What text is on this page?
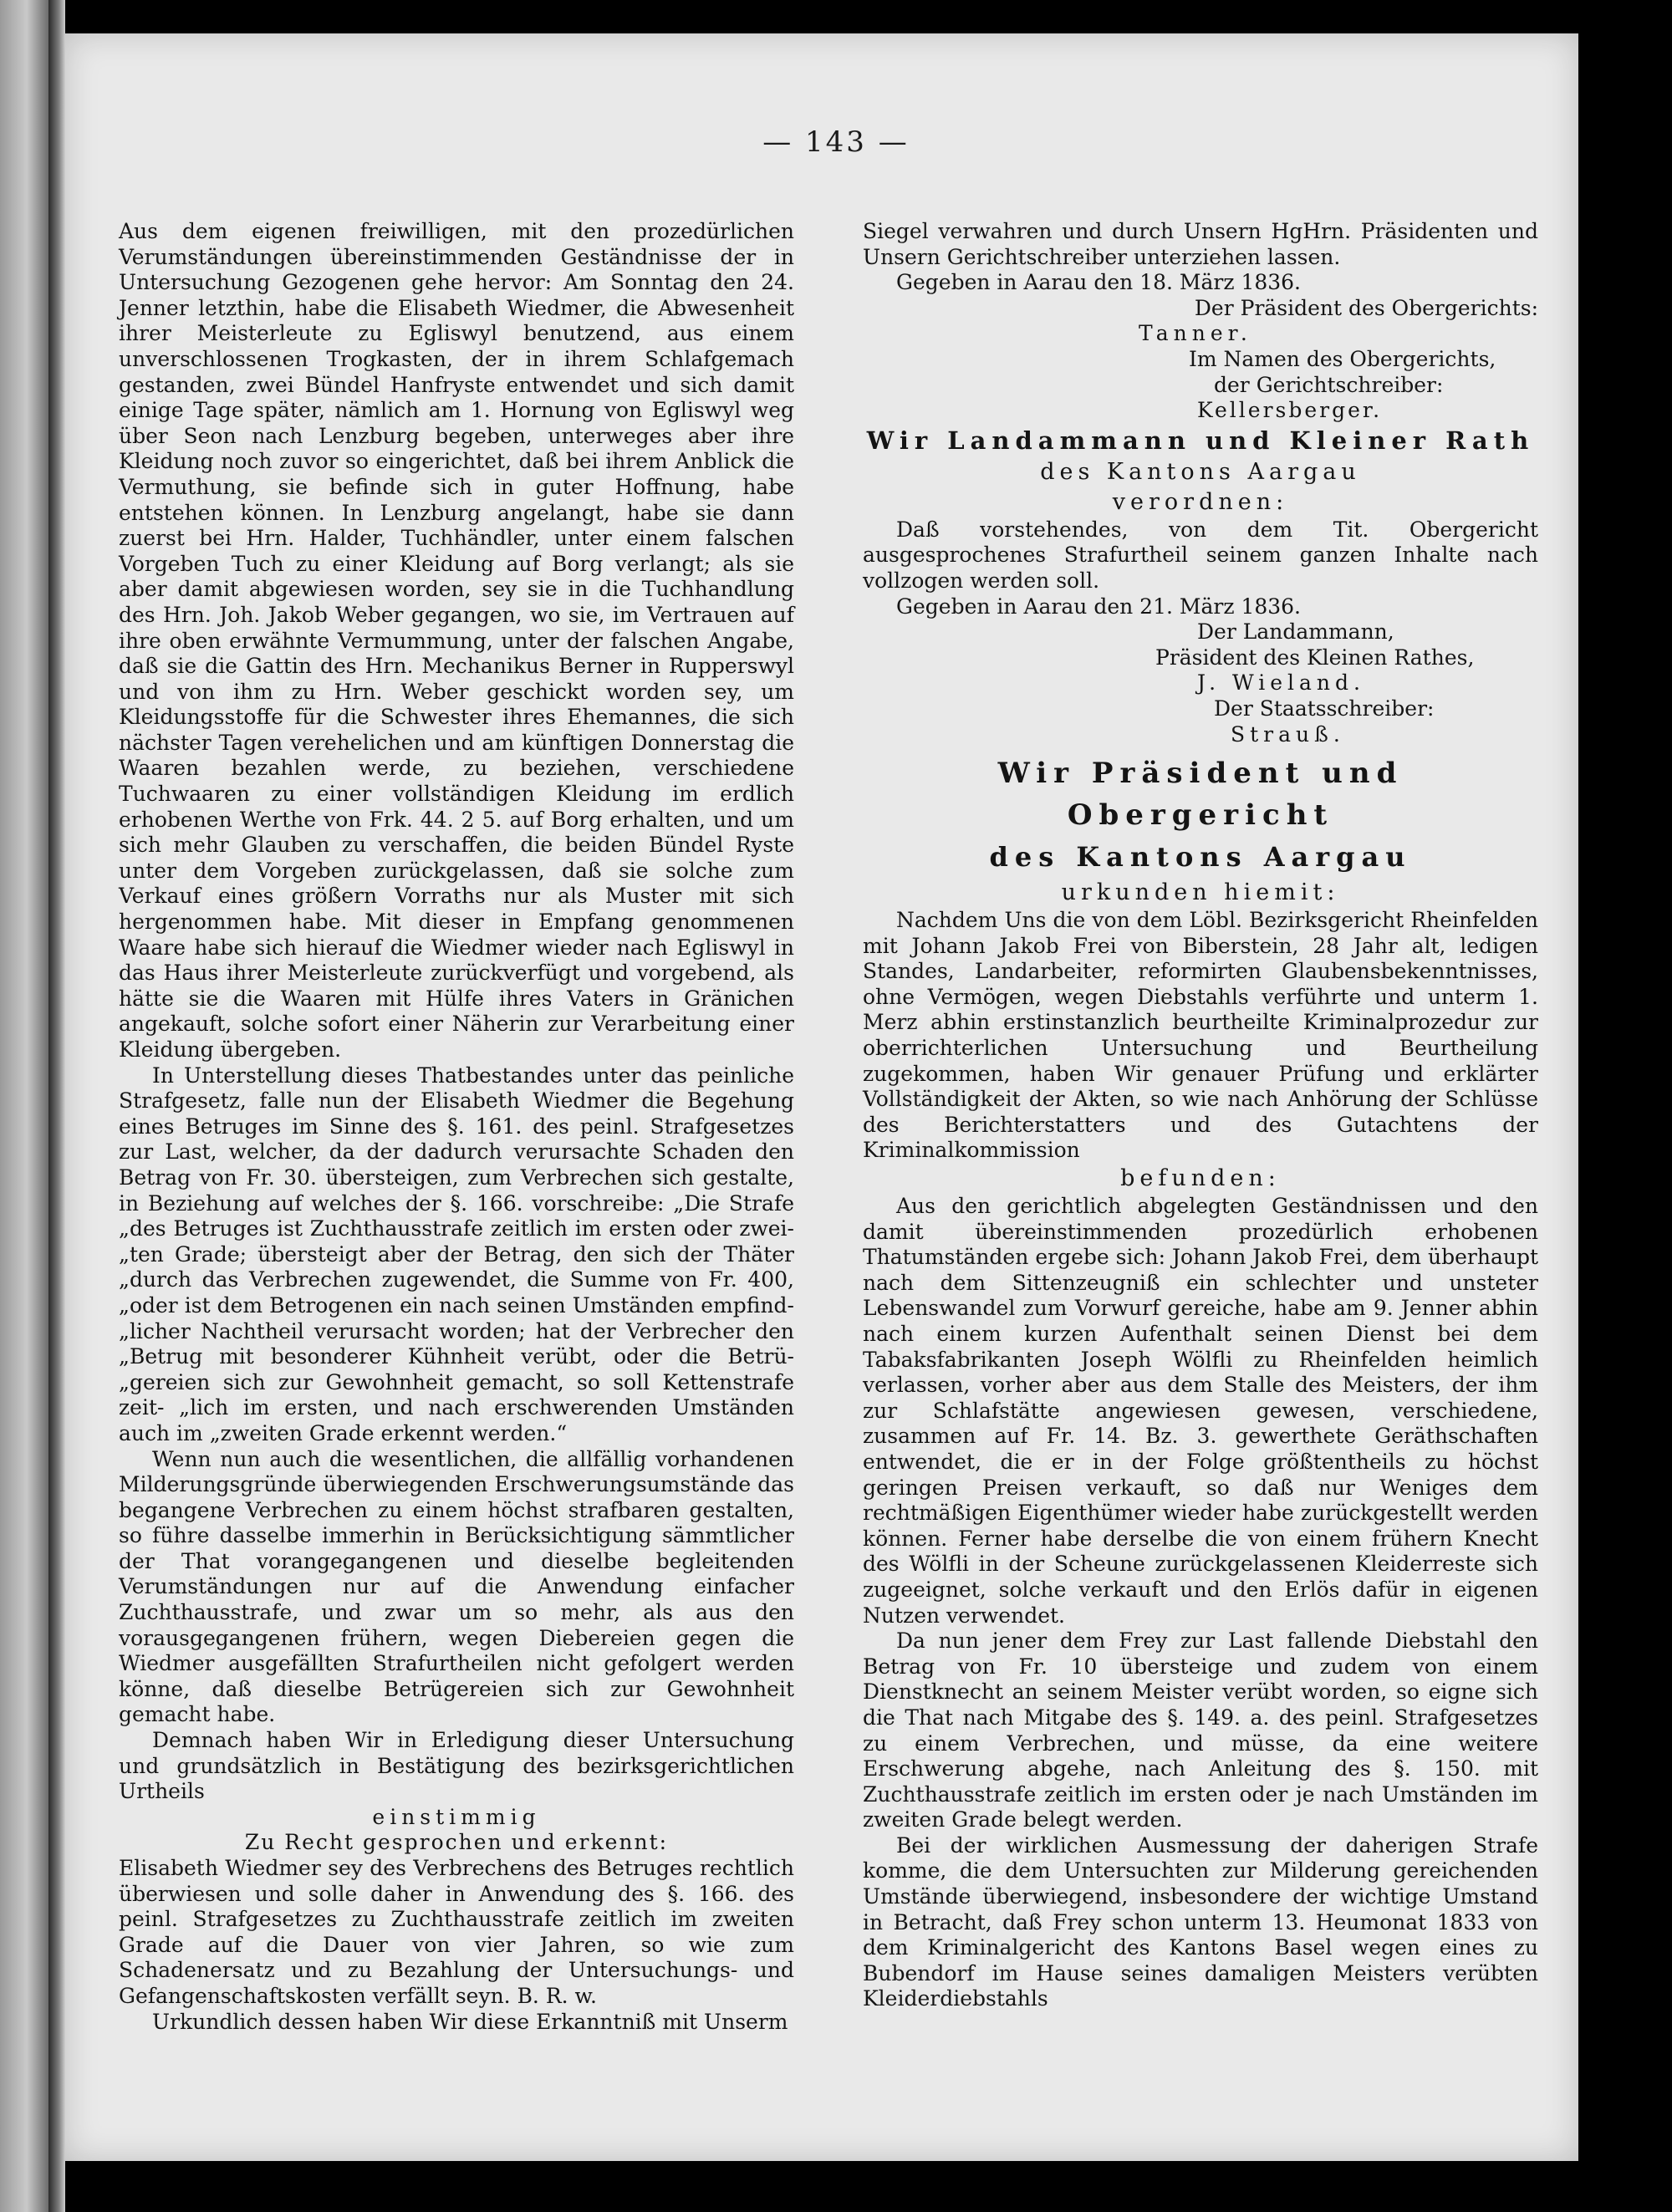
— 143 —

Aus dem eigenen freiwilligen, mit den prozedürlichen Verumständungen übereinstimmenden Geständnisse der in Untersuchung Gezogenen gehe hervor: Am Sonntag den 24. Jenner letzthin, habe die Elisabeth Wiedmer, die Abwesenheit ihrer Meisterleute zu Egliswyl benutzend, aus einem unverschlossenen Trogkasten, der in ihrem Schlafgemach gestanden, zwei Bündel Hanfryste entwendet und sich damit einige Tage später, nämlich am 1. Hornung von Egliswyl weg über Seon nach Lenzburg begeben, unterweges aber ihre Kleidung noch zuvor so eingerichtet, daß bei ihrem Anblick die Vermuthung, sie befinde sich in guter Hoffnung, habe entstehen können. In Lenzburg angelangt, habe sie dann zuerst bei Hrn. Halder, Tuchhändler, unter einem falschen Vorgeben Tuch zu einer Kleidung auf Borg verlangt; als sie aber damit abgewiesen worden, sey sie in die Tuchhandlung des Hrn. Joh. Jakob Weber gegangen, wo sie, im Vertrauen auf ihre oben erwähnte Vermummung, unter der falschen Angabe, daß sie die Gattin des Hrn. Mechanikus Berner in Rupperswyl und von ihm zu Hrn. Weber geschickt worden sey, um Kleidungsstoffe für die Schwester ihres Ehemannes, die sich nächster Tagen verehelichen und am künftigen Donnerstag die Waaren bezahlen werde, zu beziehen, verschiedene Tuchwaaren zu einer vollständigen Kleidung im erdlich erhobenen Werthe von Frk. 44. 2 5. auf Borg erhalten, und um sich mehr Glauben zu verschaffen, die beiden Bündel Ryste unter dem Vorgeben zurückgelassen, daß sie solche zum Verkauf eines größern Vorraths nur als Muster mit sich hergenommen habe. Mit dieser in Empfang genommenen Waare habe sich hierauf die Wiedmer wieder nach Egliswyl in das Haus ihrer Meisterleute zurückverfügt und vorgebend, als hätte sie die Waaren mit Hülfe ihres Vaters in Gränichen angekauft, solche sofort einer Näherin zur Verarbeitung einer Kleidung übergeben.

In Unterstellung dieses Thatbestandes unter das peinliche Strafgesetz, falle nun der Elisabeth Wiedmer die Begehung eines Betruges im Sinne des §. 161. des peinl. Strafgesetzes zur Last, welcher, da der dadurch verursachte Schaden den Betrag von Fr. 30. übersteigen, zum Verbrechen sich gestalte, in Beziehung auf welches der §. 166. vorschreibe: „Die Strafe „des Betruges ist Zuchthausstrafe zeitlich im ersten oder zwei- „ten Grade; übersteigt aber der Betrag, den sich der Thäter „durch das Verbrechen zugewendet, die Summe von Fr. 400, „oder ist dem Betrogenen ein nach seinen Umständen empfind- „licher Nachtheil verursacht worden; hat der Verbrecher den „Betrug mit besonderer Kühnheit verübt, oder die Betrü- „gereien sich zur Gewohnheit gemacht, so soll Kettenstrafe zeit- „lich im ersten, und nach erschwerenden Umständen auch im „zweiten Grade erkennt werden.“

Wenn nun auch die wesentlichen, die allfällig vorhandenen Milderungsgründe überwiegenden Erschwerungsumstände das begangene Verbrechen zu einem höchst strafbaren gestalten, so führe dasselbe immerhin in Berücksichtigung sämmtlicher der That vorangegangenen und dieselbe begleitenden Verumständungen nur auf die Anwendung einfacher Zuchthausstrafe, und zwar um so mehr, als aus den vorausgegangenen frühern, wegen Diebereien gegen die Wiedmer ausgefällten Strafurtheilen nicht gefolgert werden könne, daß dieselbe Betrügereien sich zur Gewohnheit gemacht habe.

Demnach haben Wir in Erledigung dieser Untersuchung und grundsätzlich in Bestätigung des bezirksgerichtlichen Urtheils

einstimmig

Zu Recht gesprochen und erkennt:

Elisabeth Wiedmer sey des Verbrechens des Betruges rechtlich überwiesen und solle daher in Anwendung des §. 166. des peinl. Strafgesetzes zu Zuchthausstrafe zeitlich im zweiten Grade auf die Dauer von vier Jahren, so wie zum Schadenersatz und zu Bezahlung der Untersuchungs- und Gefangenschaftskosten verfällt seyn. B. R. w.

Urkundlich dessen haben Wir diese Erkanntniß mit Unserm

Siegel verwahren und durch Unsern HgHrn. Präsidenten und Unsern Gerichtschreiber unterziehen lassen.

Gegeben in Aarau den 18. März 1836.

Der Präsident des Obergerichts:

Tanner.

Im Namen des Obergerichts,

der Gerichtschreiber:

Kellersberger.

Wir Landammann und Kleiner Rath

des Kantons Aargau

verordnen:

Daß vorstehendes, von dem Tit. Obergericht ausgesprochenes Strafurtheil seinem ganzen Inhalte nach vollzogen werden soll.

Gegeben in Aarau den 21. März 1836.

Der Landammann,

Präsident des Kleinen Rathes,

J. Wieland.

Der Staatsschreiber:

Strauß.

Wir Präsident und Obergericht

des Kantons Aargau

urkunden hiemit:

Nachdem Uns die von dem Löbl. Bezirksgericht Rheinfelden mit Johann Jakob Frei von Biberstein, 28 Jahr alt, ledigen Standes, Landarbeiter, reformirten Glaubensbekenntnisses, ohne Vermögen, wegen Diebstahls verführte und unterm 1. Merz abhin erstinstanzlich beurtheilte Kriminalprozedur zur oberrichterlichen Untersuchung und Beurtheilung zugekommen, haben Wir genauer Prüfung und erklärter Vollständigkeit der Akten, so wie nach Anhörung der Schlüsse des Berichterstatters und des Gutachtens der Kriminalkommission

befunden:

Aus den gerichtlich abgelegten Geständnissen und den damit übereinstimmenden prozedürlich erhobenen Thatumständen ergebe sich: Johann Jakob Frei, dem überhaupt nach dem Sittenzeugniß ein schlechter und unsteter Lebenswandel zum Vorwurf gereiche, habe am 9. Jenner abhin nach einem kurzen Aufenthalt seinen Dienst bei dem Tabaksfabrikanten Joseph Wölfli zu Rheinfelden heimlich verlassen, vorher aber aus dem Stalle des Meisters, der ihm zur Schlafstätte angewiesen gewesen, verschiedene, zusammen auf Fr. 14. Bz. 3. gewerthete Geräthschaften entwendet, die er in der Folge größtentheils zu höchst geringen Preisen verkauft, so daß nur Weniges dem rechtmäßigen Eigenthümer wieder habe zurückgestellt werden können. Ferner habe derselbe die von einem frühern Knecht des Wölfli in der Scheune zurückgelassenen Kleiderreste sich zugeeignet, solche verkauft und den Erlös dafür in eigenen Nutzen verwendet.

Da nun jener dem Frey zur Last fallende Diebstahl den Betrag von Fr. 10 übersteige und zudem von einem Dienstknecht an seinem Meister verübt worden, so eigne sich die That nach Mitgabe des §. 149. a. des peinl. Strafgesetzes zu einem Verbrechen, und müsse, da eine weitere Erschwerung abgehe, nach Anleitung des §. 150. mit Zuchthausstrafe zeitlich im ersten oder je nach Umständen im zweiten Grade belegt werden.

Bei der wirklichen Ausmessung der daherigen Strafe komme, die dem Untersuchten zur Milderung gereichenden Umstände überwiegend, insbesondere der wichtige Umstand in Betracht, daß Frey schon unterm 13. Heumonat 1833 von dem Kriminalgericht des Kantons Basel wegen eines zu Bubendorf im Hause seines damaligen Meisters verübten Kleiderdiebstahls
